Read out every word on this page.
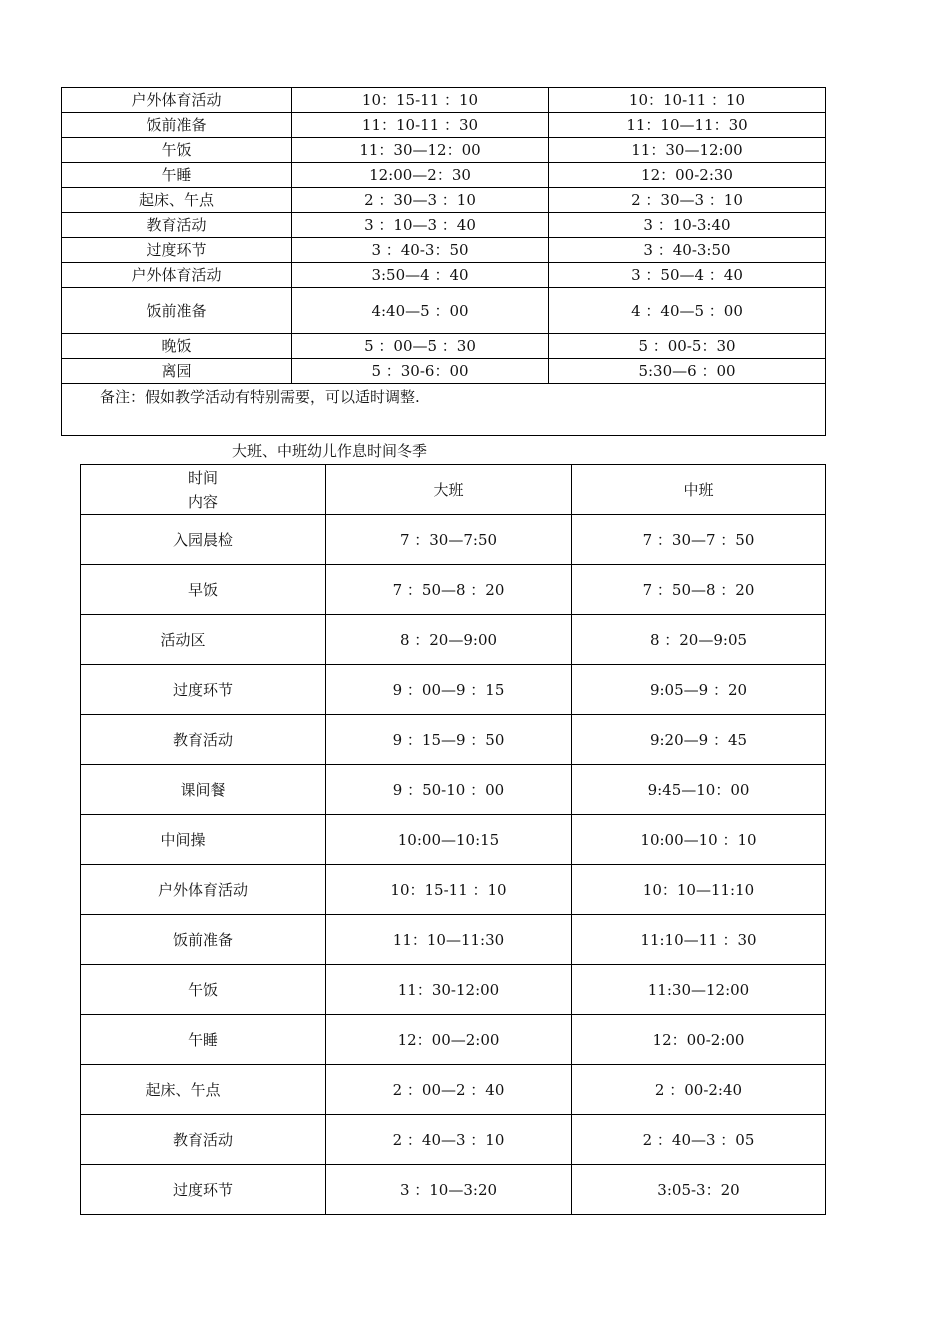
户外体育活动	10：15-11 ：10	10：10-11 ：10
饭前准备	11：10-11 ：30	11：10—11：30
午饭	11：30—12：00	11：30—12:00
午睡	12:00—2：30	12：00-2:30
起床、午点	2 ：30—3 ：10	2 ：30—3 ：10
教育活动	3 ：10—3 ：40	3 ：10-3:40
过度环节	3 ：40-3：50	3 ：40-3:50
户外体育活动	3:50—4 ：40	3 ：50—4 ：40
饭前准备	4:40—5 ：00	4 ：40—5 ：00
晚饭	5 ：00—5 ：30	5 ：00-5：30
离园	5 ：30-6：00	5:30—6 ：00
备注：假如教学活动有特别需要，可以适时调整.		
大班、中班幼儿作息时间冬季
时间
内容	大班	中班
入园晨检	7 ：30—7:50	7 ：30—7 ：50
早饭	7 ：50—8 ：20	7 ：50—8 ：20
活动区	8 ：20—9:00	8 ：20—9:05
过度环节	9 ：00—9 ：15	9:05—9 ：20
教育活动	9 ：15—9 ：50	9:20—9 ：45
课间餐	9 ：50-10 ：00	9:45—10：00
中间操	10:00—10:15	10:00—10 ：10
户外体育活动	10：15-11 ：10	10：10—11:10
饭前准备	11：10—11:30	11:10—11 ：30
午饭	11：30-12:00	11:30—12:00
午睡	12：00—2:00	12：00-2:00
起床、午点	2 ：00—2 ：40	2 ：00-2:40
教育活动	2 ：40—3 ：10	2 ：40—3 ：05
过度环节	3 ：10—3:20	3:05-3：20
